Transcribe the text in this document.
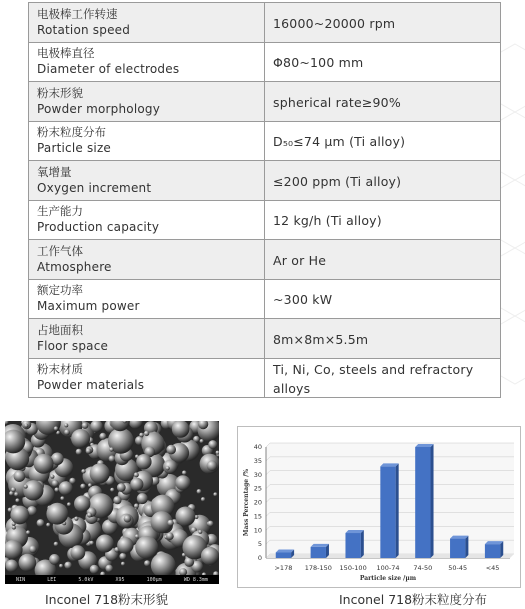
电极棒工作转速
Rotation speed	16000~20000 rpm

电极棒直径
Diameter of electrodes	Φ80~100 mm

粉末形貌
Powder morphology	spherical rate≥90%

粉末粒度分布
Particle size	D₅₀≤74 µm (Ti alloy)

氧增量
Oxygen increment	≤200 ppm (Ti alloy)

生产能力
Production capacity	12 kg/h (Ti alloy)

工作气体
Atmosphere	Ar or He

额定功率
Maximum power	~300 kW

占地面积
Floor space	8m×8m×5.5m

粉末材质
Powder materials	Ti, Ni, Co, steels and refractory alloys
NIN	LEI	5.0kV	X95	100µm	WD 8.3mm
Inconel 718粉末形貌
0
5
10
15
20
25
30
35
40
>178 178-150 150-100 100-74 74-50 50-45	<45
Mass Percentage /%
Particle size /µm
Inconel 718粉末粒度分布
